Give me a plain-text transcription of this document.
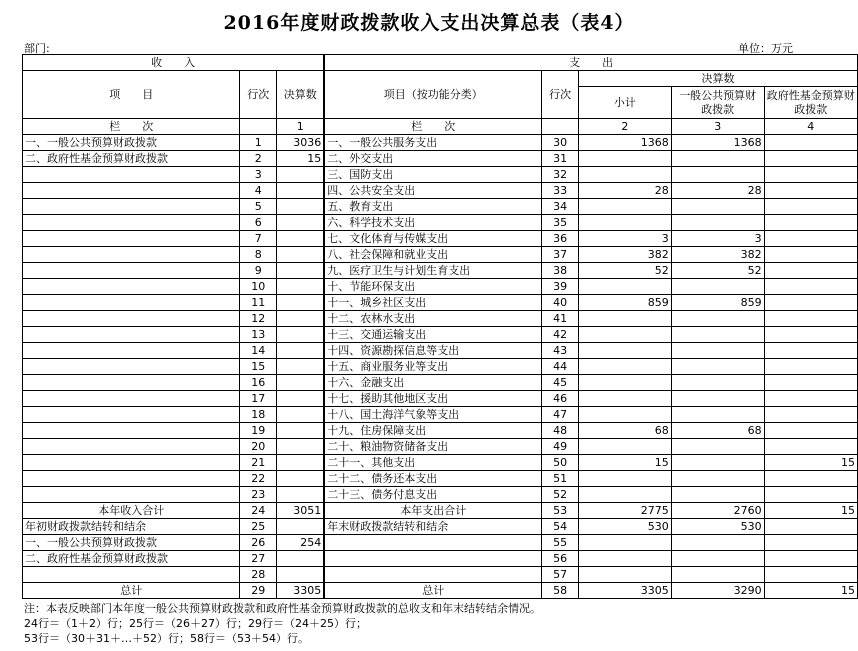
2016年度财政拨款收入支出决算总表（表4）
部门:	单位：万元
收　　入			支　　出				
项　　目	行次	决算数	项目（按功能分类）	行次	决算数		
					小计	一般公共预算财政拨款	政府性基金预算财政拨款
栏　　次		1	栏　　次		2	3	4
一、一般公共预算财政拨款	1	3036	一、一般公共服务支出	30	1368	1368	
二、政府性基金预算财政拨款	2	15	二、外交支出	31			
	3		三、国防支出	32			
	4		四、公共安全支出	33	28	28	
	5		五、教育支出	34			
	6		六、科学技术支出	35			
	7		七、文化体育与传媒支出	36	3	3	
	8		八、社会保障和就业支出	37	382	382	
	9		九、医疗卫生与计划生育支出	38	52	52	
	10		十、节能环保支出	39			
	11		十一、城乡社区支出	40	859	859	
	12		十二、农林水支出	41			
	13		十三、交通运输支出	42			
	14		十四、资源勘探信息等支出	43			
	15		十五、商业服务业等支出	44			
	16		十六、金融支出	45			
	17		十七、援助其他地区支出	46			
	18		十八、国土海洋气象等支出	47			
	19		十九、住房保障支出	48	68	68	
	20		二十、粮油物资储备支出	49			
	21		二十一、其他支出	50	15		15
	22		二十二、债务还本支出	51			
	23		二十三、债务付息支出	52			
本年收入合计	24	3051	本年支出合计	53	2775	2760	15
年初财政拨款结转和结余	25		年末财政拨款结转和结余	54	530	530	
一、一般公共预算财政拨款	26	254		55			
二、政府性基金预算财政拨款	27			56			
	28			57			
总计	29	3305	总计	58	3305	3290	15
注：本表反映部门本年度一般公共预算财政拨款和政府性基金预算财政拨款的总收支和年末结转结余情况。
24行＝（1＋2）行；25行＝（26＋27）行；29行＝（24＋25）行；
53行＝（30＋31＋…＋52）行；58行＝（53＋54）行。
